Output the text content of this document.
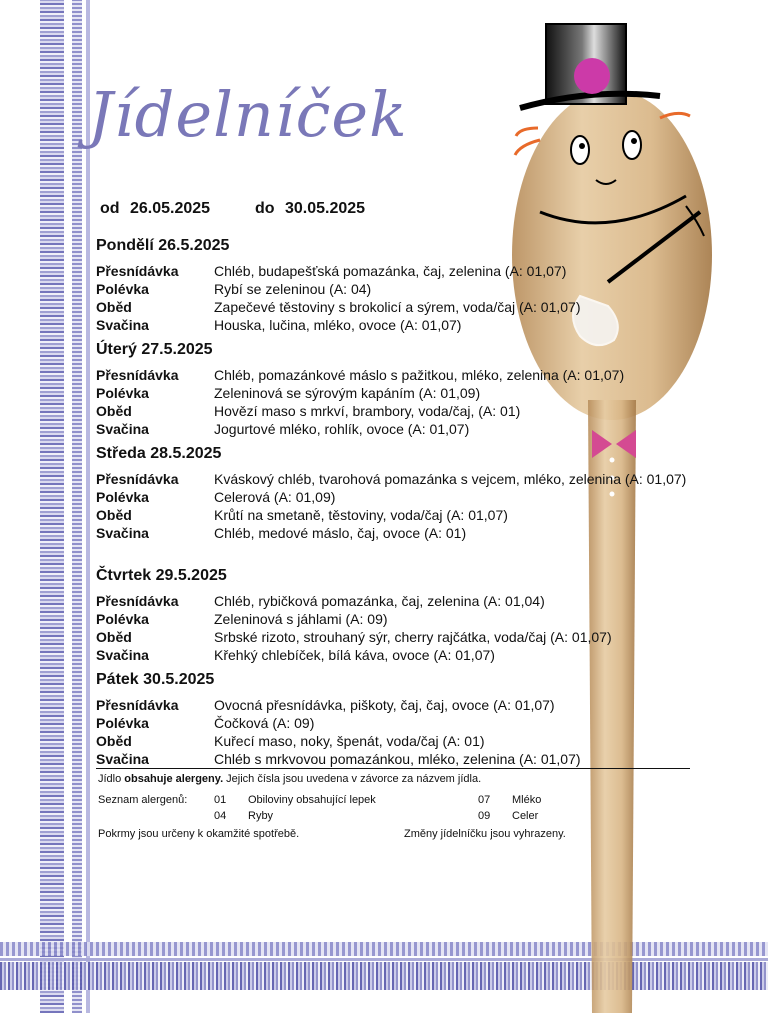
Jídelníček
od 26.05.2025	do 30.05.2025
Pondělí 26.5.2025
Přesnídávka	Chléb, budapešťská pomazánka, čaj, zelenina (A: 01,07)
Polévka	Rybí se zeleninou (A: 04)
Oběd	Zapečevé těstoviny s brokolicí a sýrem, voda/čaj (A: 01,07)
Svačina	Houska, lučina, mléko, ovoce (A: 01,07)
Úterý 27.5.2025
Přesnídávka	Chléb, pomazánkové máslo s pažitkou, mléko, zelenina (A: 01,07)
Polévka	Zeleninová se sýrovým kapáním (A: 01,09)
Oběd	Hovězí maso s mrkví, brambory, voda/čaj, (A: 01)
Svačina	Jogurtové mléko, rohlík, ovoce (A: 01,07)
Středa 28.5.2025
Přesnídávka	Kváskový chléb, tvarohová pomazánka s vejcem, mléko, zelenina (A: 01,07)
Polévka	Celerová (A: 01,09)
Oběd	Krůtí na smetaně, těstoviny, voda/čaj (A: 01,07)
Svačina	Chléb, medové máslo, čaj, ovoce (A: 01)
Čtvrtek 29.5.2025
Přesnídávka	Chléb, rybičková pomazánka, čaj, zelenina (A: 01,04)
Polévka	Zeleninová s jáhlami (A: 09)
Oběd	Srbské rizoto, strouhaný sýr, cherry rajčátka, voda/čaj (A: 01,07)
Svačina	Křehký chlebíček, bílá káva, ovoce (A: 01,07)
Pátek 30.5.2025
Přesnídávka	Ovocná přesnídávka, piškoty, čaj, čaj, ovoce (A: 01,07)
Polévka	Čočková (A: 09)
Oběd	Kuřecí maso, noky, špenát, voda/čaj (A: 01)
Svačina	Chléb s mrkvovou pomazánkou, mléko, zelenina (A: 01,07)
Jídlo obsahuje alergeny. Jejich čísla jsou uvedena v závorce za názvem jídla.
Seznam alergenů: 01 Obiloviny obsahující lepek
04 Ryby
07 Mléko
09 Celer
Pokrmy jsou určeny k okamžité spotřebě.	Změny jídelníčku jsou vyhrazeny.
